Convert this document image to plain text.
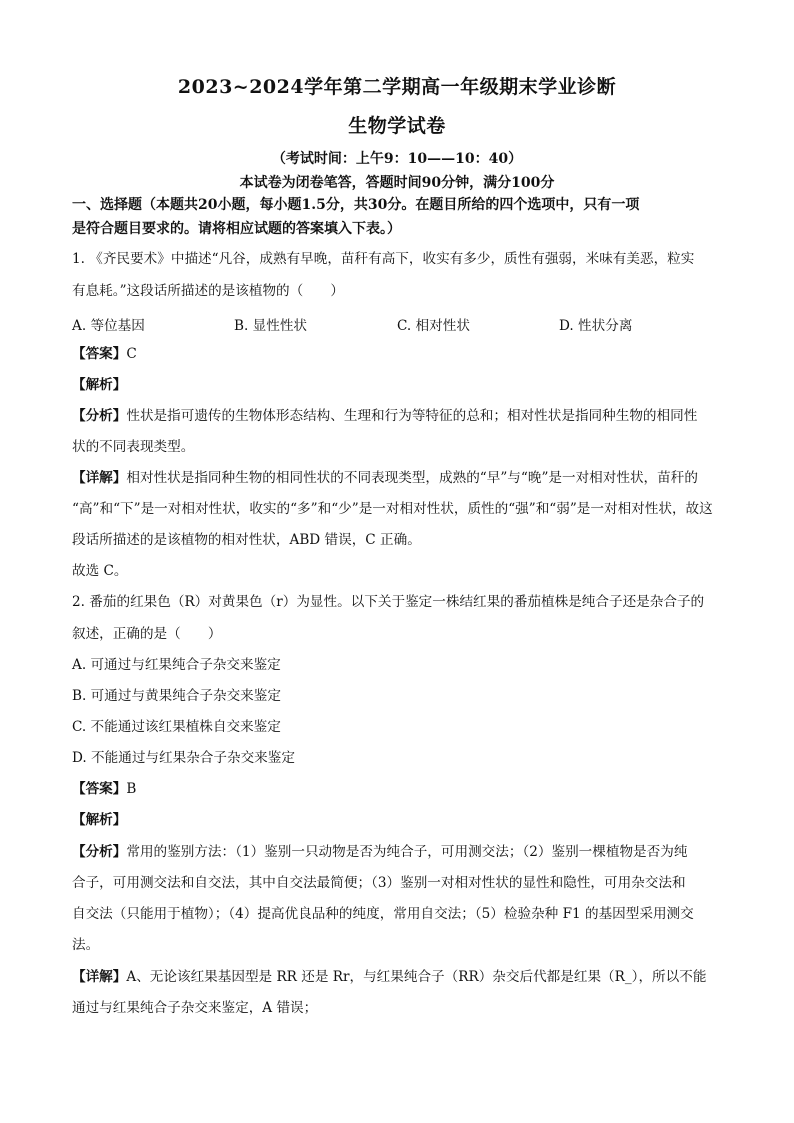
2023~2024学年第二学期高一年级期末学业诊断
生物学试卷
（考试时间：上午9：10——10：40）
本试卷为闭卷笔答，答题时间90分钟，满分100分
一、选择题（本题共20小题，每小题1.5分，共30分。在题目所给的四个选项中，只有一项
是符合题目要求的。请将相应试题的答案填入下表。）
1. 《齐民要术》中描述“凡谷，成熟有早晚，苗秆有高下，收实有多少，质性有强弱，米味有美恶，粒实
有息耗。”这段话所描述的是该植物的（　　）
A. 等位基因	B. 显性性状	C. 相对性状	D. 性状分离
【答案】C
【解析】
【分析】性状是指可遗传的生物体形态结构、生理和行为等特征的总和；相对性状是指同种生物的相同性
状的不同表现类型。
【详解】相对性状是指同种生物的相同性状的不同表现类型，成熟的“早”与“晚”是一对相对性状，苗秆的
“高”和“下”是一对相对性状，收实的“多”和“少”是一对相对性状，质性的“强”和“弱”是一对相对性状，故这
段话所描述的是该植物的相对性状，ABD 错误，C 正确。
故选 C。
2. 番茄的红果色（R）对黄果色（r）为显性。以下关于鉴定一株结红果的番茄植株是纯合子还是杂合子的
叙述，正确的是（　　）
A. 可通过与红果纯合子杂交来鉴定
B. 可通过与黄果纯合子杂交来鉴定
C. 不能通过该红果植株自交来鉴定
D. 不能通过与红果杂合子杂交来鉴定
【答案】B
【解析】
【分析】常用的鉴别方法：（1）鉴别一只动物是否为纯合子，可用测交法；（2）鉴别一棵植物是否为纯
合子，可用测交法和自交法，其中自交法最简便；（3）鉴别一对相对性状的显性和隐性，可用杂交法和
自交法（只能用于植物）；（4）提高优良品种的纯度，常用自交法；（5）检验杂种 F1 的基因型采用测交
法。
【详解】A、无论该红果基因型是 RR 还是 Rr，与红果纯合子（RR）杂交后代都是红果（R_），所以不能
通过与红果纯合子杂交来鉴定，A 错误；
